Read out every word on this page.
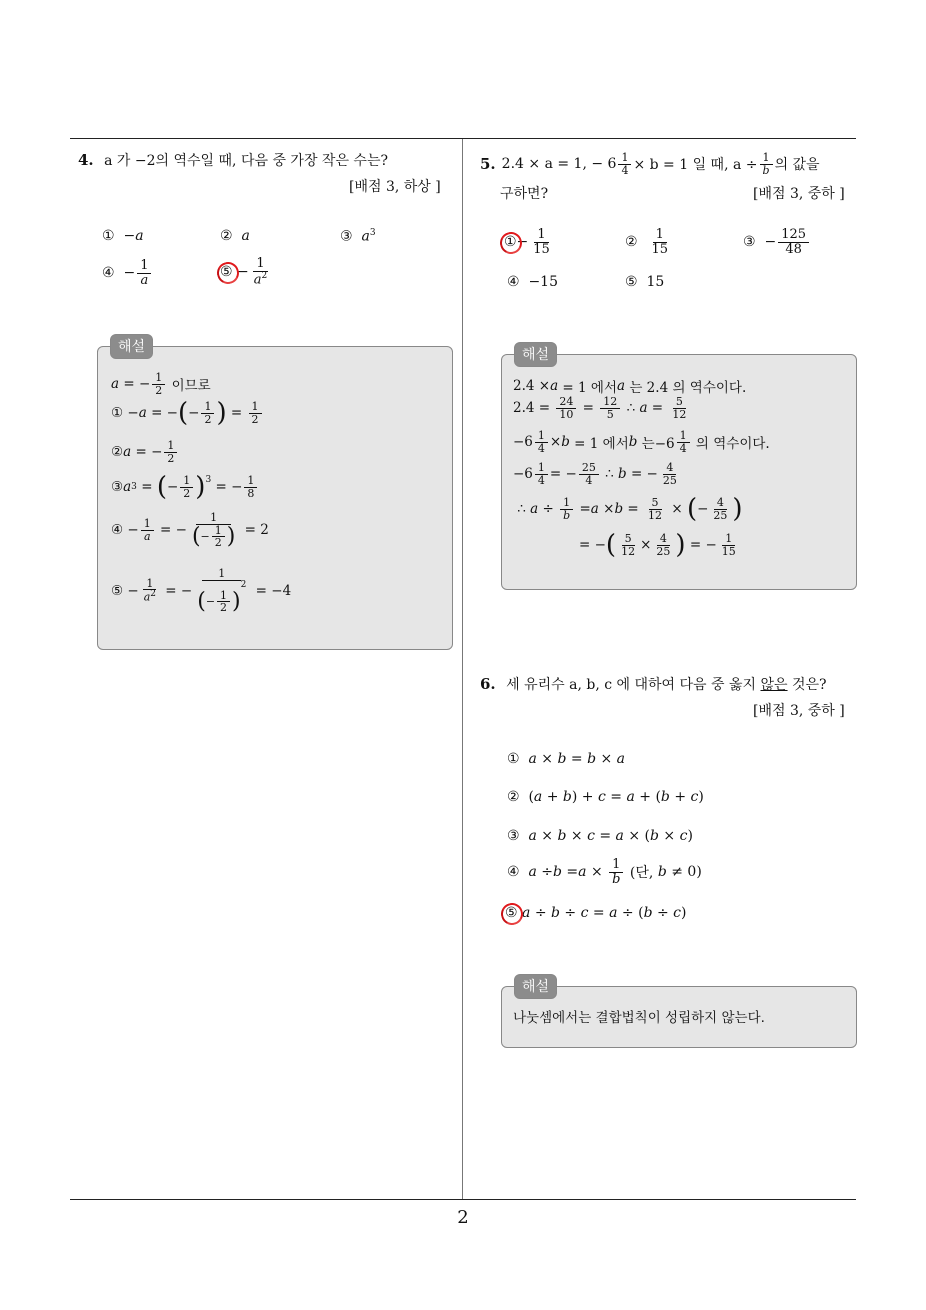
2
4. a 가 −2의 역수일 때, 다음 중 가장 작은 수는?
[배점 3, 하상 ]
①  −a	②  a	③  $a^3$
④  − $\frac{1}{a}$	⑤ − $\frac{1}{a^2}$
해설
a = − $\frac{1}{2}$ 이므로
① − a = − ( − $\frac{1}{2}$ ) = $\frac{1}{2}$
② a = − $\frac{1}{2}$
③ a 3 = ( − $\frac{1}{2} )^3$ = − $\frac{1}{8}$
④ − $\frac{1}{a}$ = − $\frac{1}{(- \frac{1}{2} )} = 2$
⑤ − $\frac{1}{a^2}$ = − $\frac{1}{(- \frac{1}{2} )^2} = -4$
5. 2.4 × a = 1, − $6 \frac{1}{4} \times b = 1$ 일 때, $a \div \frac{1}{b}$ 의 값을
구하면?	[배점 3, 중하 ]
①− $\frac{1}{15}$	② $\frac{1}{15}$	③  − $\frac{125}{48}$
④  −15	⑤  15
해설
2.4 × a = 1 에서 a 는 2.4 의 역수이다.
$2.4 = \frac{24}{10} = \frac{12}{5}$ ∴ $a = \frac{5}{12}$
$-6 \frac{1}{4} \times b = 1$ 에서 b 는$-6 \frac{1}{4}$ 의 역수이다.
$-6 \frac{1}{4}$ = − $\frac{25}{4}$ ∴ b = − $\frac{4}{25}$
∴ $a \div \frac{1}{b} = a \times b = \frac{5}{12}$ × ( − $\frac{4}{25}$ )
= − ( $\frac{5}{12} \times \frac{4}{25}$ ) = − $\frac{1}{15}$
6. 세 유리수 a, b, c 에 대하여 다음 중 옳지 않은 것은?
[배점 3, 중하 ]
①  a × b = b × a
②  (a + b) + c = a + (b + c)
③  a × b × c = a × (b × c)
④ $a \div b = a \times \frac{1}{b}$ (단, b ≠ 0)
⑤ a ÷ b ÷ c = a ÷ (b ÷ c)
해설
나눗셈에서는 결합법칙이 성립하지 않는다.
